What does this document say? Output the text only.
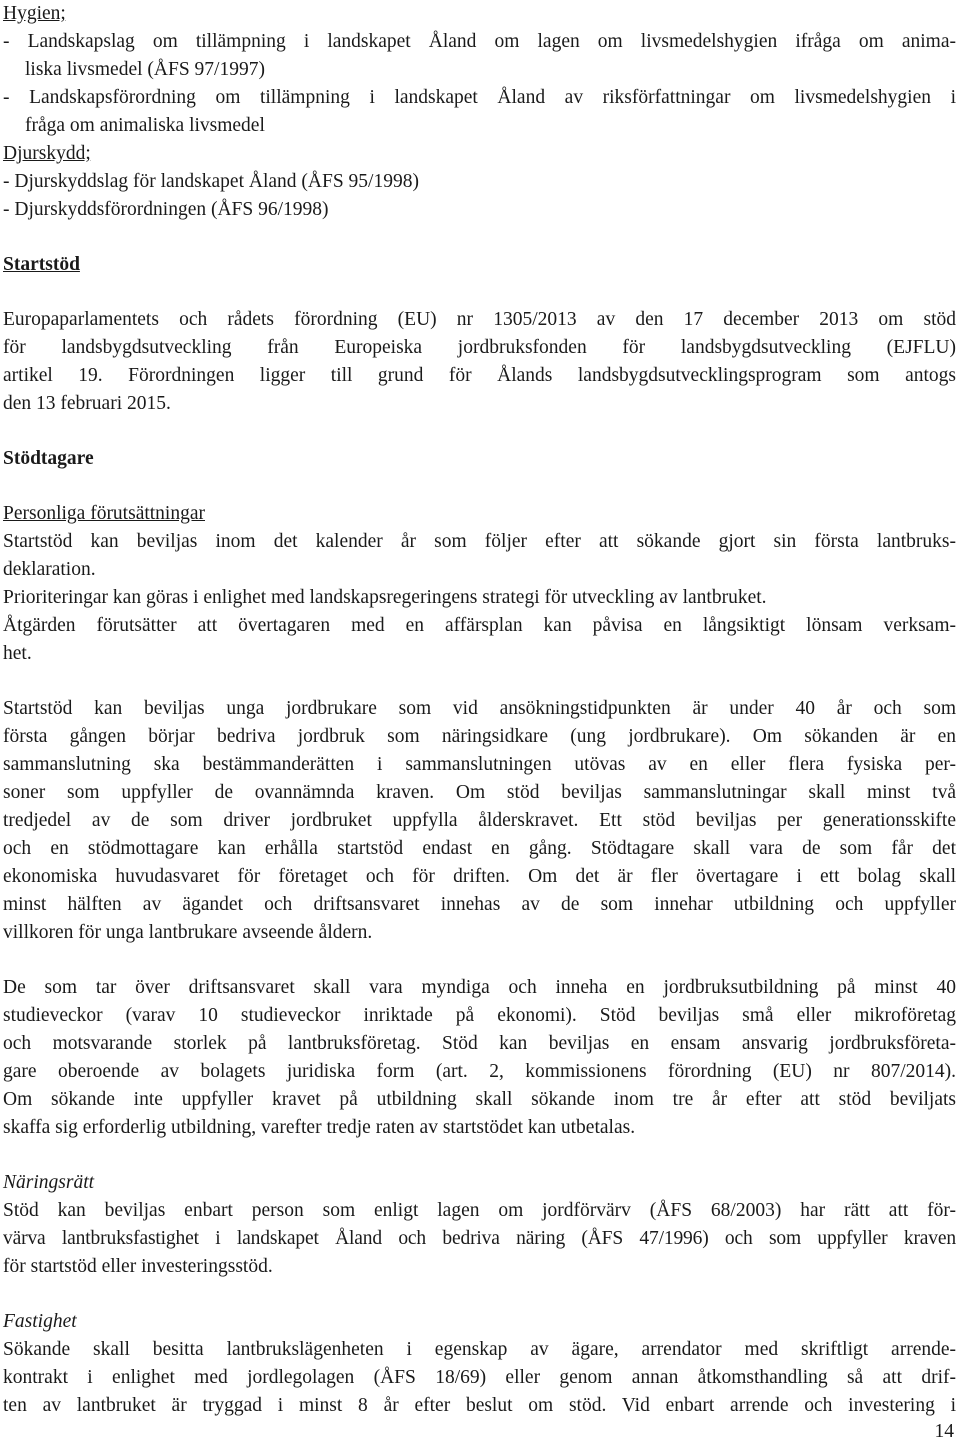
Hygien;
- Landskapslag om tillämpning i landskapet Åland om lagen om livsmedelshygien ifråga om anima-
liska livsmedel (ÅFS 97/1997)
- Landskapsförordning om tillämpning i landskapet Åland av riksförfattningar om livsmedelshygien i
fråga om animaliska livsmedel
Djurskydd;
- Djurskyddslag för landskapet Åland (ÅFS 95/1998)
- Djurskyddsförordningen (ÅFS 96/1998)
Startstöd
Europaparlamentets och rådets förordning (EU) nr 1305/2013 av den 17 december 2013 om stöd
för landsbygdsutveckling från Europeiska jordbruksfonden för landsbygdsutveckling (EJFLU)
artikel 19. Förordningen ligger till grund för Ålands landsbygdsutvecklingsprogram som antogs
den 13 februari 2015.
Stödtagare
Personliga förutsättningar
Startstöd kan beviljas inom det kalender år som följer efter att sökande gjort sin första lantbruks-
deklaration.
Prioriteringar kan göras i enlighet med landskapsregeringens strategi för utveckling av lantbruket.
Åtgärden förutsätter att övertagaren med en affärsplan kan påvisa en långsiktigt lönsam verksam-
het.
Startstöd kan beviljas unga jordbrukare som vid ansökningstidpunkten är under 40 år och som
första gången börjar bedriva jordbruk som näringsidkare (ung jordbrukare). Om sökanden är en
sammanslutning ska bestämmanderätten i sammanslutningen utövas av en eller flera fysiska per-
soner som uppfyller de ovannämnda kraven. Om stöd beviljas sammanslutningar skall minst två
tredjedel av de som driver jordbruket uppfylla ålderskravet. Ett stöd beviljas per generationsskifte
och en stödmottagare kan erhålla startstöd endast en gång. Stödtagare skall vara de som får det
ekonomiska huvudasvaret för företaget och för driften. Om det är fler övertagare i ett bolag skall
minst hälften av ägandet och driftsansvaret innehas av de som innehar utbildning och uppfyller
villkoren för unga lantbrukare avseende åldern.
De som tar över driftsansvaret skall vara myndiga och inneha en jordbruksutbildning på minst 40
studieveckor (varav 10 studieveckor inriktade på ekonomi). Stöd beviljas små eller mikroföretag
och motsvarande storlek på lantbruksföretag. Stöd kan beviljas en ensam ansvarig jordbruksföreta-
gare oberoende av bolagets juridiska form (art. 2, kommissionens förordning (EU) nr 807/2014).
Om sökande inte uppfyller kravet på utbildning skall sökande inom tre år efter att stöd beviljats
skaffa sig erforderlig utbildning, varefter tredje raten av startstödet kan utbetalas.
Näringsrätt
Stöd kan beviljas enbart person som enligt lagen om jordförvärv (ÅFS 68/2003) har rätt att för-
värva lantbruksfastighet i landskapet Åland och bedriva näring (ÅFS 47/1996) och som uppfyller kraven
för startstöd eller investeringsstöd.
Fastighet
Sökande skall besitta lantbrukslägenheten i egenskap av ägare, arrendator med skriftligt arrende-
kontrakt i enlighet med jordlegolagen (ÅFS 18/69) eller genom annan åtkomsthandling så att drif-
ten av lantbruket är tryggad i minst 8 år efter beslut om stöd. Vid enbart arrende och investering i
14
